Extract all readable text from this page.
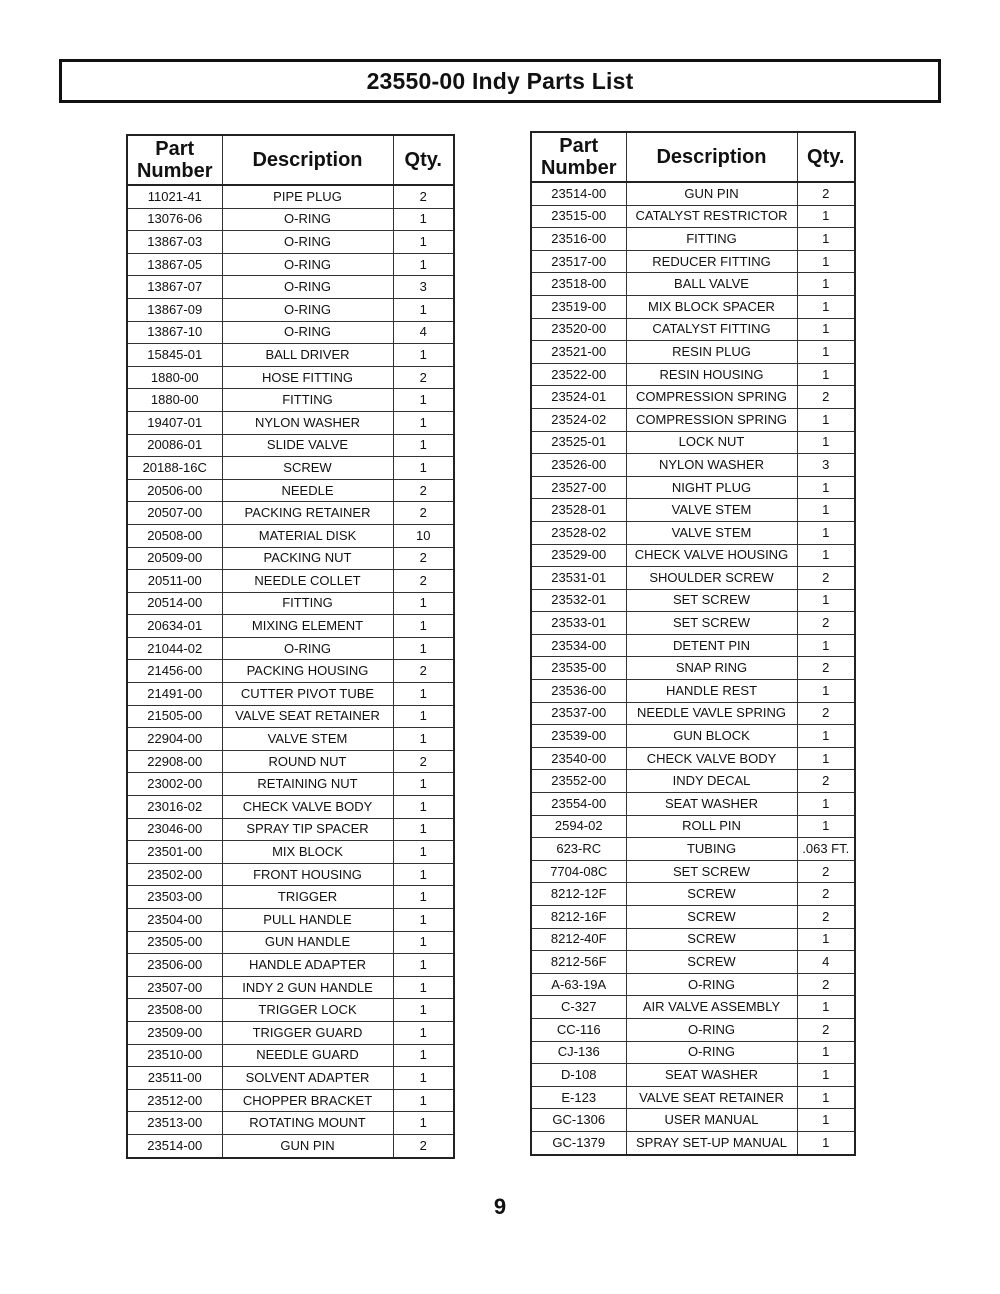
23550-00 Indy Parts List
Part Number	Description	Qty.
11021-41	PIPE PLUG	2
13076-06	O-RING	1
13867-03	O-RING	1
13867-05	O-RING	1
13867-07	O-RING	3
13867-09	O-RING	1
13867-10	O-RING	4
15845-01	BALL DRIVER	1
1880-00	HOSE FITTING	2
1880-00	FITTING	1
19407-01	NYLON WASHER	1
20086-01	SLIDE VALVE	1
20188-16C	SCREW	1
20506-00	NEEDLE	2
20507-00	PACKING RETAINER	2
20508-00	MATERIAL DISK	10
20509-00	PACKING NUT	2
20511-00	NEEDLE COLLET	2
20514-00	FITTING	1
20634-01	MIXING ELEMENT	1
21044-02	O-RING	1
21456-00	PACKING HOUSING	2
21491-00	CUTTER PIVOT TUBE	1
21505-00	VALVE SEAT RETAINER	1
22904-00	VALVE STEM	1
22908-00	ROUND NUT	2
23002-00	RETAINING NUT	1
23016-02	CHECK VALVE BODY	1
23046-00	SPRAY TIP SPACER	1
23501-00	MIX BLOCK	1
23502-00	FRONT HOUSING	1
23503-00	TRIGGER	1
23504-00	PULL HANDLE	1
23505-00	GUN HANDLE	1
23506-00	HANDLE ADAPTER	1
23507-00	INDY 2 GUN HANDLE	1
23508-00	TRIGGER LOCK	1
23509-00	TRIGGER GUARD	1
23510-00	NEEDLE GUARD	1
23511-00	SOLVENT ADAPTER	1
23512-00	CHOPPER BRACKET	1
23513-00	ROTATING MOUNT	1
23514-00	GUN PIN	2
Part Number	Description	Qty.
23514-00	GUN PIN	2
23515-00	CATALYST RESTRICTOR	1
23516-00	FITTING	1
23517-00	REDUCER FITTING	1
23518-00	BALL VALVE	1
23519-00	MIX BLOCK SPACER	1
23520-00	CATALYST FITTING	1
23521-00	RESIN PLUG	1
23522-00	RESIN HOUSING	1
23524-01	COMPRESSION SPRING	2
23524-02	COMPRESSION SPRING	1
23525-01	LOCK NUT	1
23526-00	NYLON WASHER	3
23527-00	NIGHT PLUG	1
23528-01	VALVE STEM	1
23528-02	VALVE STEM	1
23529-00	CHECK VALVE HOUSING	1
23531-01	SHOULDER SCREW	2
23532-01	SET SCREW	1
23533-01	SET SCREW	2
23534-00	DETENT PIN	1
23535-00	SNAP RING	2
23536-00	HANDLE REST	1
23537-00	NEEDLE VAVLE SPRING	2
23539-00	GUN BLOCK	1
23540-00	CHECK VALVE BODY	1
23552-00	INDY DECAL	2
23554-00	SEAT WASHER	1
2594-02	ROLL PIN	1
623-RC	TUBING	.063 FT.
7704-08C	SET SCREW	2
8212-12F	SCREW	2
8212-16F	SCREW	2
8212-40F	SCREW	1
8212-56F	SCREW	4
A-63-19A	O-RING	2
C-327	AIR VALVE ASSEMBLY	1
CC-116	O-RING	2
CJ-136	O-RING	1
D-108	SEAT WASHER	1
E-123	VALVE SEAT RETAINER	1
GC-1306	USER MANUAL	1
GC-1379	SPRAY SET-UP MANUAL	1
9
